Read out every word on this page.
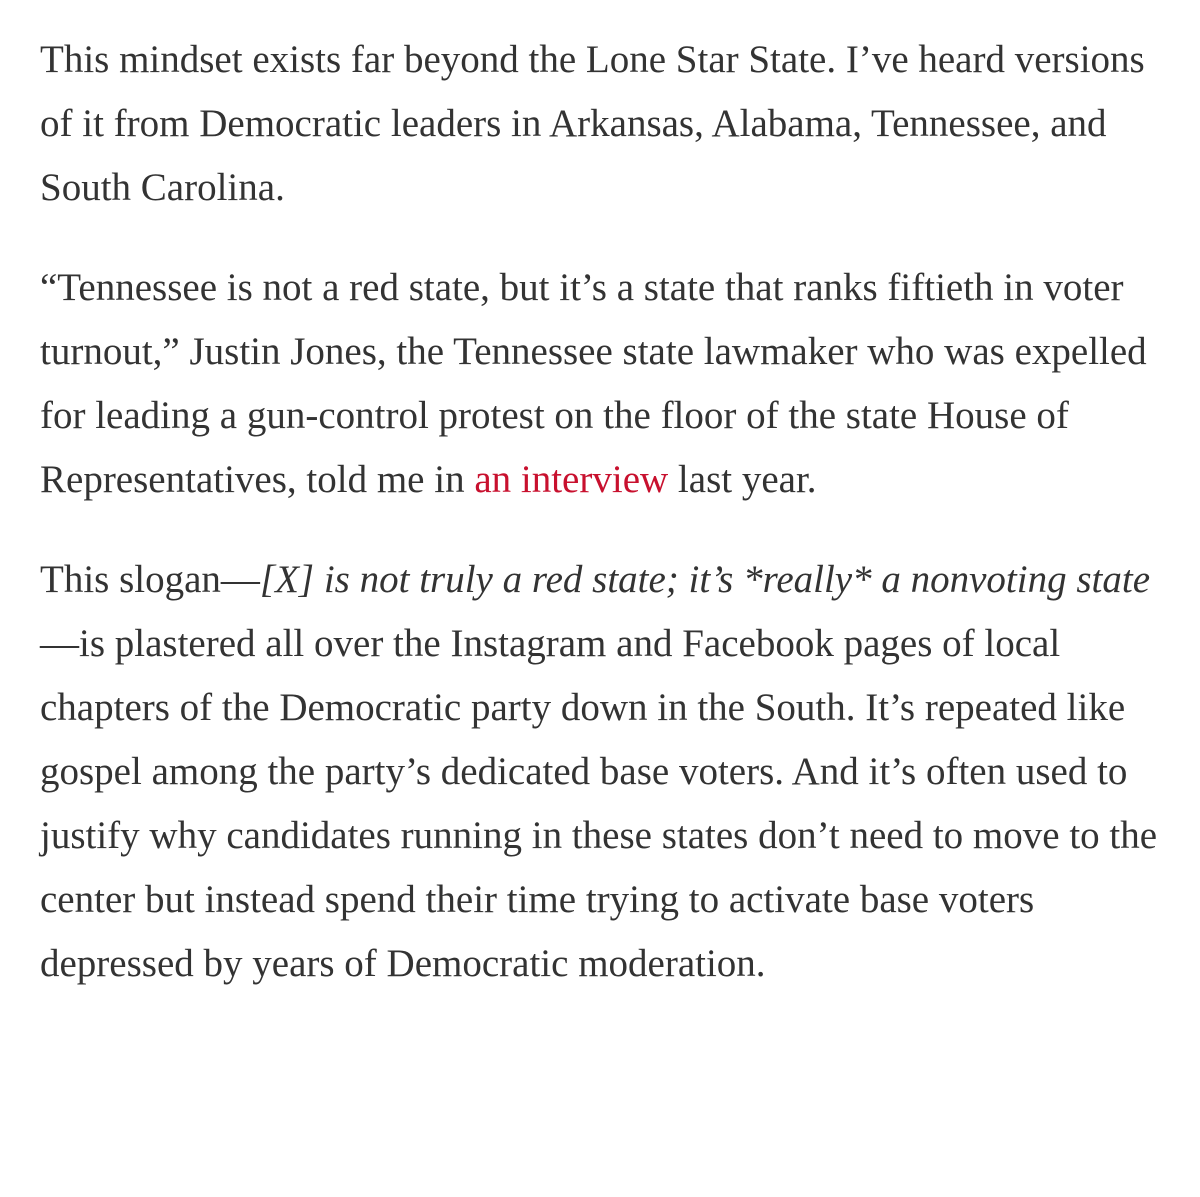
This mindset exists far beyond the Lone Star State. I’ve heard versions of it from Democratic leaders in Arkansas, Alabama, Tennessee, and South Carolina.

“Tennessee is not a red state, but it’s a state that ranks fiftieth in voter turnout,” Justin Jones, the Tennessee state lawmaker who was expelled for leading a gun-control protest on the floor of the state House of Representatives, told me in an interview last year.

This slogan—[X] is not truly a red state; it’s *really* a nonvoting state—is plastered all over the Instagram and Facebook pages of local chapters of the Democratic party down in the South. It’s repeated like gospel among the party’s dedicated base voters. And it’s often used to justify why candidates running in these states don’t need to move to the center but instead spend their time trying to activate base voters depressed by years of Democratic moderation.
